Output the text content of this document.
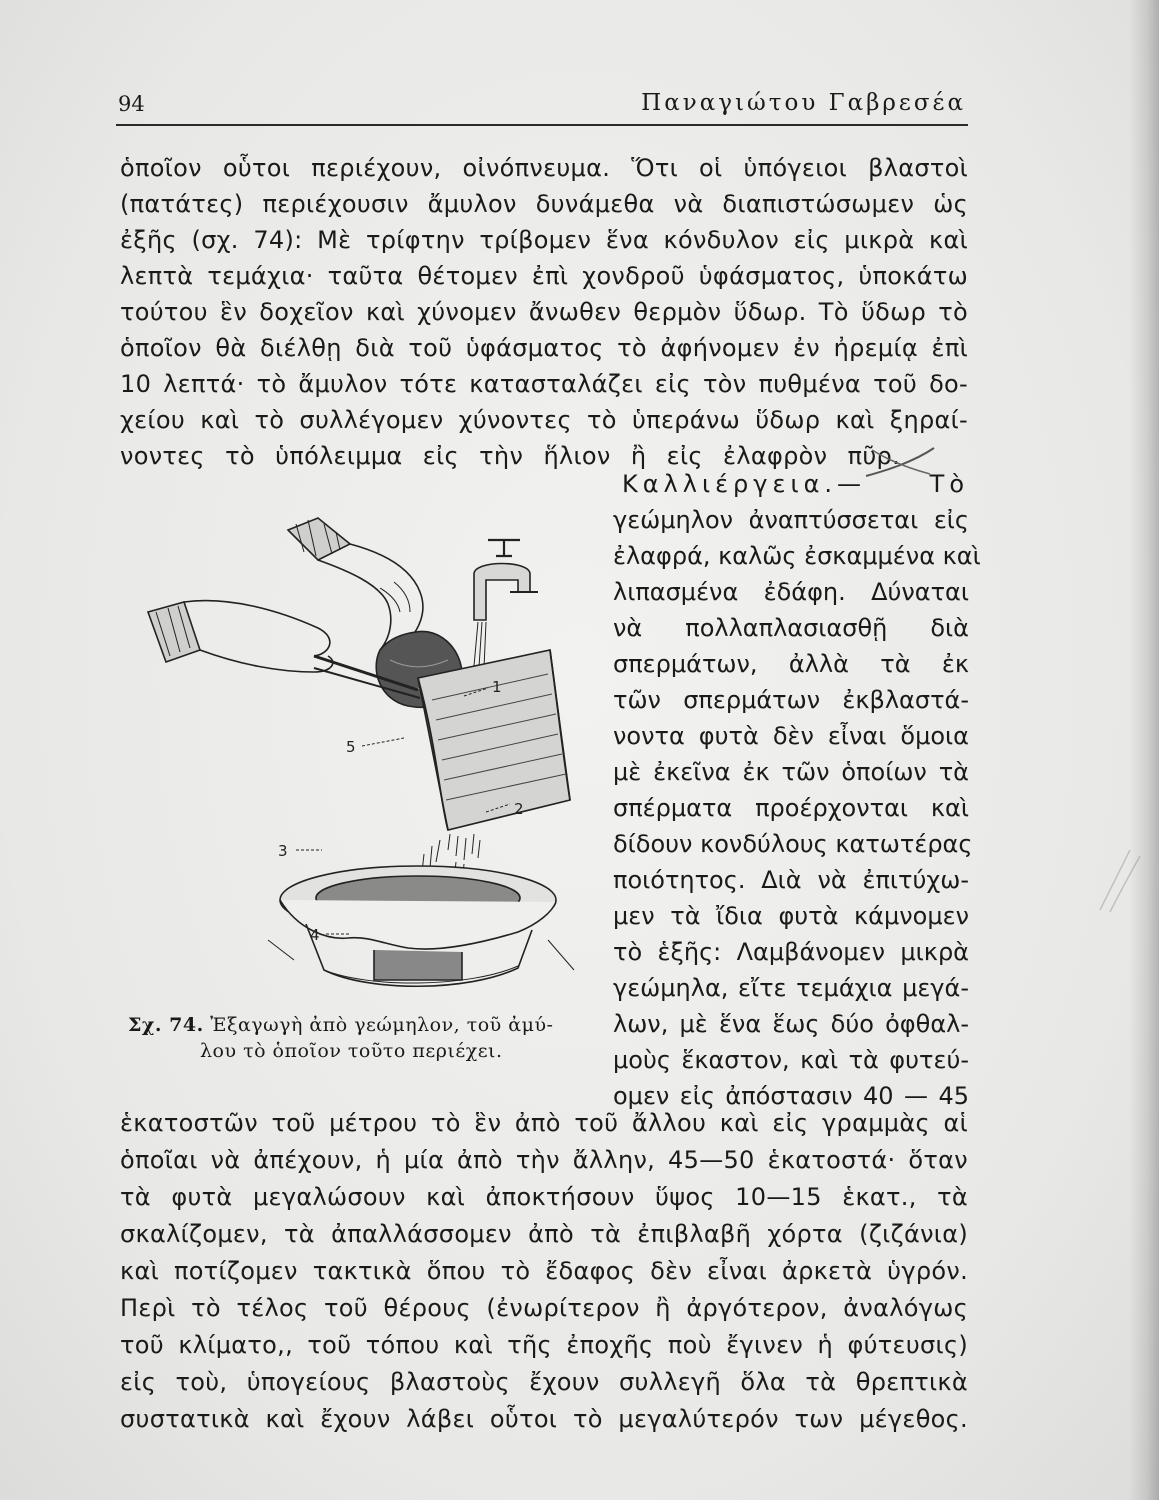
94	Παναγιώτου Γαβρεσέα
ὁποῖον οὗτοι περιέχουν, οἰνόπνευμα. Ὅτι οἱ ὑπόγειοι βλαστοὶ
(πατάτες) περιέχουσιν ἄμυλον δυνάμεθα νὰ διαπιστώσωμεν ὡς
ἐξῆς (σχ. 74): Μὲ τρίφτην τρίβομεν ἕνα κόνδυλον εἰς μικρὰ καὶ
λεπτὰ τεμάχια· ταῦτα θέτομεν ἐπὶ χονδροῦ ὑφάσματος, ὑποκάτω
τούτου ἓν δοχεῖον καὶ χύνομεν ἄνωθεν θερμὸν ὕδωρ. Τὸ ὕδωρ τὸ
ὁποῖον θὰ διέλθῃ διὰ τοῦ ὑφάσματος τὸ ἀφήνομεν ἐν ἠρεμίᾳ ἐπὶ
10 λεπτά· τὸ ἄμυλον τότε κατασταλάζει εἰς τὸν πυθμένα τοῦ δο-
χείου καὶ τὸ συλλέγομεν χύνοντες τὸ ὑπεράνω ὕδωρ καὶ ξηραί-
νοντες τὸ ὑπόλειμμα εἰς τὴν ἥλιον ἢ εἰς ἐλαφρὸν πῦρ.
Καλλιέργεια.— Τὸ
γεώμηλον ἀναπτύσσεται εἰς
ἐλαφρά, καλῶς ἐσκαμμένα καὶ
λιπασμένα ἐδάφη. Δύναται
νὰ πολλαπλασιασθῇ διὰ
σπερμάτων, ἀλλὰ τὰ ἐκ
τῶν σπερμάτων ἐκβλαστά-
νοντα φυτὰ δὲν εἶναι ὅμοια
μὲ ἐκεῖνα ἐκ τῶν ὁποίων τὰ
σπέρματα προέρχονται καὶ
δίδουν κονδύλους κατωτέρας
ποιότητος. Διὰ νὰ ἐπιτύχω-
μεν τὰ ἴδια φυτὰ κάμνομεν
τὸ ἑξῆς: Λαμβάνομεν μικρὰ
γεώμηλα, εἴτε τεμάχια μεγά-
λων, μὲ ἕνα ἕως δύο ὀφθαλ-
μοὺς ἕκαστον, καὶ τὰ φυτεύ-
ομεν εἰς ἀπόστασιν 40 — 45
1
2
3
4
5
Σχ. 74. Ἐξαγωγὴ ἀπὸ γεώμηλον, τοῦ ἀμύ-
λου τὸ ὁποῖον τοῦτο περιέχει.
ἑκατοστῶν τοῦ μέτρου τὸ ἓν ἀπὸ τοῦ ἄλλου καὶ εἰς γραμμὰς αἱ
ὁποῖαι νὰ ἀπέχουν, ἡ μία ἀπὸ τὴν ἄλλην, 45—50 ἑκατοστά· ὅταν
τὰ φυτὰ μεγαλώσουν καὶ ἀποκτήσουν ὕψος 10—15 ἑκατ., τὰ
σκαλίζομεν, τὰ ἀπαλλάσσομεν ἀπὸ τὰ ἐπιβλαβῆ χόρτα (ζιζάνια)
καὶ ποτίζομεν τακτικὰ ὅπου τὸ ἔδαφος δὲν εἶναι ἀρκετὰ ὑγρόν.
Περὶ τὸ τέλος τοῦ θέρους (ἐνωρίτερον ἢ ἀργότερον, ἀναλόγως
τοῦ κλίματο,, τοῦ τόπου καὶ τῆς ἐποχῆς ποὺ ἔγινεν ἡ φύτευσις)
εἰς τοὺ, ὑπογείους βλαστοὺς ἔχουν συλλεγῆ ὅλα τὰ θρεπτικὰ
συστατικὰ καὶ ἔχουν λάβει οὗτοι τὸ μεγαλύτερόν των μέγεθος.
